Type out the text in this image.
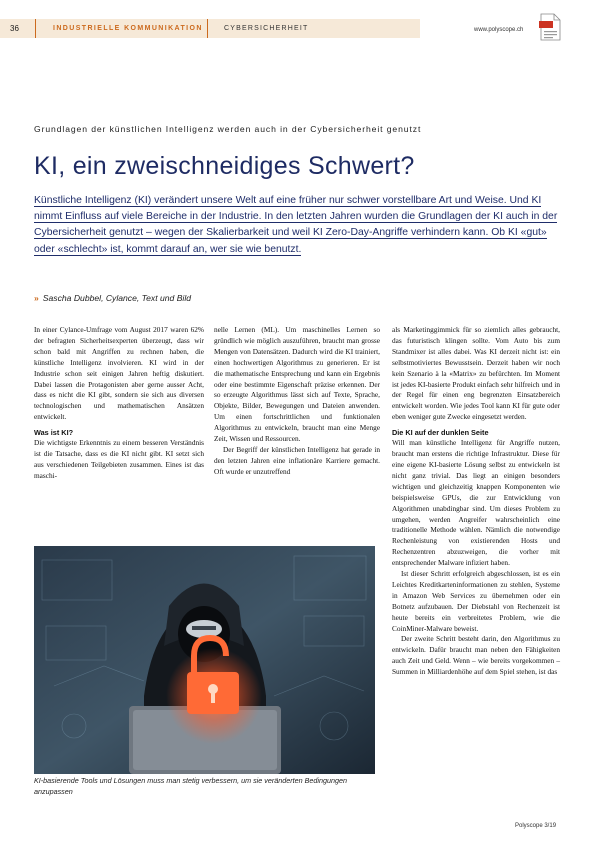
36	INDUSTRIELLE KOMMUNIKATION	CYBERSICHERHEIT	www.polyscope.ch
Grundlagen der künstlichen Intelligenz werden auch in der Cybersicherheit genutzt
KI, ein zweischneidiges Schwert?
Künstliche Intelligenz (KI) verändert unsere Welt auf eine früher nur schwer vorstellbare Art und Weise. Und KI nimmt Einfluss auf viele Bereiche in der Industrie. In den letzten Jahren wurden die Grundlagen der KI auch in der Cybersicherheit genutzt – wegen der Skalierbarkeit und weil KI Zero-Day-Angriffe verhindern kann. Ob KI «gut» oder «schlecht» ist, kommt darauf an, wer sie wie benutzt.
» Sascha Dubbel, Cylance, Text und Bild

In einer Cylance-Umfrage vom August 2017 waren 62% der befragten Sicherheitsexperten überzeugt, dass wir schon bald mit Angriffen zu rechnen haben, die künstliche Intelligenz involvieren. KI wird in der Industrie schon seit einigen Jahren heftig diskutiert. Dabei lassen die Protagonisten aber gerne ausser Acht, dass es nicht die KI gibt, sondern sie sich aus diversen technologischen und mathematischen Ansätzen entwickelt.

Was ist KI?

Die wichtigste Erkenntnis zu einem besseren Verständnis ist die Tatsache, dass es die KI nicht gibt. KI setzt sich aus verschiedenen Teilgebieten zusammen. Eines ist das maschi-

nelle Lernen (ML). Um maschinelles Lernen so gründlich wie möglich auszuführen, braucht man grosse Mengen von Datensätzen. Dadurch wird die KI trainiert, einen hochwertigen Algorithmus zu generieren. Er ist die mathematische Entsprechung und kann ein Ergebnis oder eine bestimmte Eigenschaft präzise erkennen. Der so erzeugte Algorithmus lässt sich auf Texte, Sprache, Objekte, Bilder, Bewegungen und Dateien anwenden. Um einen fortschrittlichen und funktionalen Algorithmus zu entwickeln, braucht man eine Menge Zeit, Wissen und Ressourcen.

Der Begriff der künstlichen Intelligenz hat gerade in den letzten Jahren eine inflationäre Karriere gemacht. Oft wurde er unzutreffend

als Marketinggimmick für so ziemlich alles gebraucht, das futuristisch klingen sollte. Vom Auto bis zum Standmixer ist alles dabei. Was KI derzeit nicht ist: ein selbstmotiviertes Bewusstsein. Derzeit haben wir noch kein Szenario à la «Matrix» zu befürchten. Im Moment ist jedes KI-basierte Produkt einfach sehr hilfreich und in der Regel für einen eng begrenzten Einsatzbereich entwickelt worden. Wie jedes Tool kann KI für gute oder eben weniger gute Zwecke eingesetzt werden.

Die KI auf der dunklen Seite

Will man künstliche Intelligenz für Angriffe nutzen, braucht man erstens die richtige Infrastruktur. Diese für eine eigene KI-basierte Lösung selbst zu entwickeln ist nicht ganz trivial. Das liegt an einigen besonders wichtigen und gleichzeitig knappen Komponenten wie beispielsweise GPUs, die zur Entwicklung von Algorithmen unabdingbar sind. Um dieses Problem zu umgehen, werden Angreifer wahrscheinlich eine traditionelle Methode wählen. Nämlich die notwendige Rechenleistung von existierenden Hosts und Rechenzentren abzuzweigen, die vorher mit entsprechender Malware infiziert haben.

Ist dieser Schritt erfolgreich abgeschlossen, ist es ein Leichtes Kreditkarteninformationen zu stehlen, Systeme in Amazon Web Services zu übernehmen oder ein Botnetz aufzubauen. Der Diebstahl von Rechenzeit ist heute bereits ein verbreitetes Problem, wie die CoinMiner-Malware beweist.

Der zweite Schritt besteht darin, den Algorithmus zu entwickeln. Dafür braucht man neben den Fähigkeiten auch Zeit und Geld. Wenn – wie bereits vorgekommen – Summen in Milliardenhöhe auf dem Spiel stehen, ist das

KI-basierende Tools und Lösungen muss man stetig verbessern, um sie veränderten Bedingungen anzupassen
Polyscope 3/19
